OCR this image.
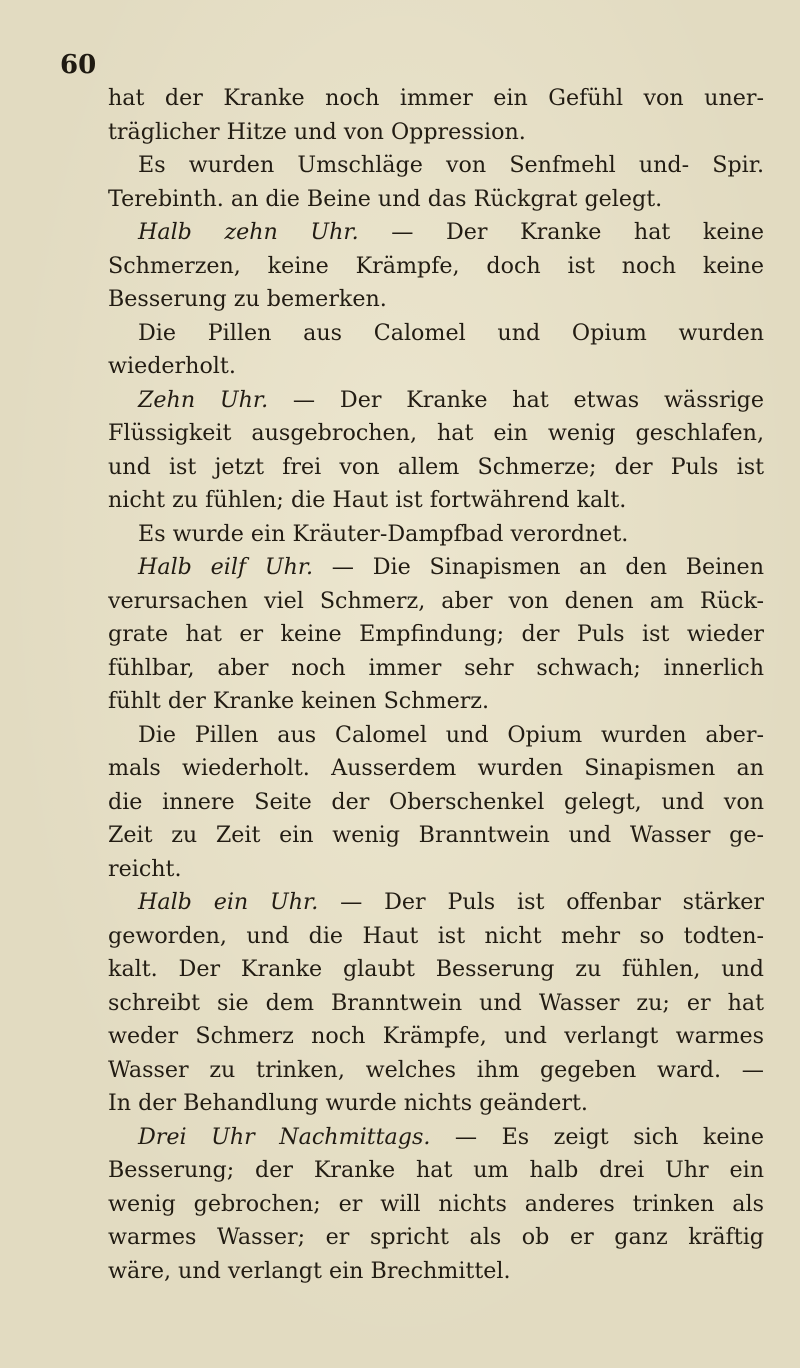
60
hat der Kranke noch immer ein Gefühl von uner-
träglicher Hitze und von Oppression.
Es wurden Umschläge von Senfmehl und- Spir.
Terebinth. an die Beine und das Rückgrat gelegt.
Halb zehn Uhr. — Der Kranke hat keine
Schmerzen, keine Krämpfe, doch ist noch keine
Besserung zu bemerken.
Die Pillen aus Calomel und Opium wurden
wiederholt.
Zehn Uhr. — Der Kranke hat etwas wässrige
Flüssigkeit ausgebrochen, hat ein wenig geschlafen,
und ist jetzt frei von allem Schmerze; der Puls ist
nicht zu fühlen; die Haut ist fortwährend kalt.
Es wurde ein Kräuter-Dampfbad verordnet.
Halb eilf Uhr. — Die Sinapismen an den Beinen
verursachen viel Schmerz, aber von denen am Rück-
grate hat er keine Empfindung; der Puls ist wieder
fühlbar, aber noch immer sehr schwach; innerlich
fühlt der Kranke keinen Schmerz.
Die Pillen aus Calomel und Opium wurden aber-
mals wiederholt. Ausserdem wurden Sinapismen an
die innere Seite der Oberschenkel gelegt, und von
Zeit zu Zeit ein wenig Branntwein und Wasser ge-
reicht.
Halb ein Uhr. — Der Puls ist offenbar stärker
geworden, und die Haut ist nicht mehr so todten-
kalt. Der Kranke glaubt Besserung zu fühlen, und
schreibt sie dem Branntwein und Wasser zu; er hat
weder Schmerz noch Krämpfe, und verlangt warmes
Wasser zu trinken, welches ihm gegeben ward. —
In der Behandlung wurde nichts geändert.
Drei Uhr Nachmittags. — Es zeigt sich keine
Besserung; der Kranke hat um halb drei Uhr ein
wenig gebrochen; er will nichts anderes trinken als
warmes Wasser; er spricht als ob er ganz kräftig
wäre, und verlangt ein Brechmittel.
